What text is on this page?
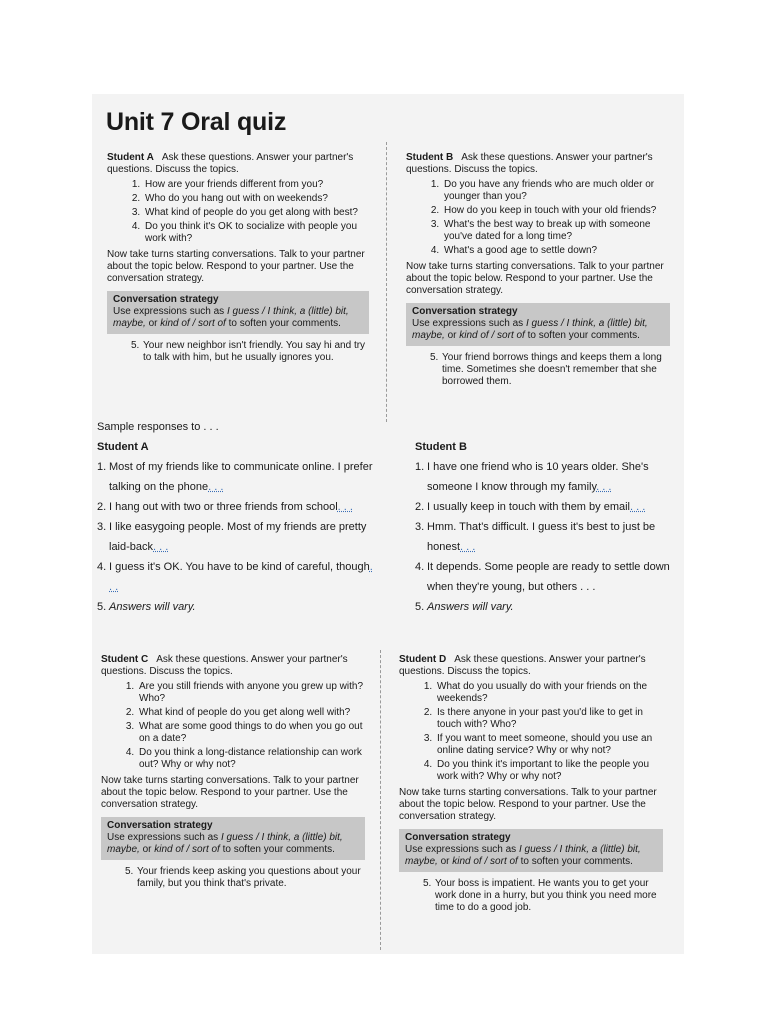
Unit 7 Oral quiz
Student A Ask these questions. Answer your partner's questions. Discuss the topics.
1. How are your friends different from you?
2. Who do you hang out with on weekends?
3. What kind of people do you get along with best?
4. Do you think it's OK to socialize with people you work with?
Now take turns starting conversations. Talk to your partner about the topic below. Respond to your partner. Use the conversation strategy.
Conversation strategy
Use expressions such as I guess / I think, a (little) bit, maybe, or kind of / sort of to soften your comments.
5. Your new neighbor isn't friendly. You say hi and try to talk with him, but he usually ignores you.
Student B Ask these questions. Answer your partner's questions. Discuss the topics.
1. Do you have any friends who are much older or younger than you?
2. How do you keep in touch with your old friends?
3. What's the best way to break up with someone you've dated for a long time?
4. What's a good age to settle down?
Now take turns starting conversations. Talk to your partner about the topic below. Respond to your partner. Use the conversation strategy.
Conversation strategy
Use expressions such as I guess / I think, a (little) bit, maybe, or kind of / sort of to soften your comments.
5. Your friend borrows things and keeps them a long time. Sometimes she doesn't remember that she borrowed them.
Sample responses to . . .
Student A
1. Most of my friends like to communicate online. I prefer talking on the phone. . .
2. I hang out with two or three friends from school. . .
3. I like easygoing people. Most of my friends are pretty laid-back. . .
4. I guess it's OK. You have to be kind of careful, though. . .
5. Answers will vary.
Student B
1. I have one friend who is 10 years older. She's someone I know through my family. . .
2. I usually keep in touch with them by email. . .
3. Hmm. That's difficult. I guess it's best to just be honest. . .
4. It depends. Some people are ready to settle down when they're young, but others . . .
5. Answers will vary.
Student C Ask these questions. Answer your partner's questions. Discuss the topics.
1. Are you still friends with anyone you grew up with? Who?
2. What kind of people do you get along well with?
3. What are some good things to do when you go out on a date?
4. Do you think a long-distance relationship can work out? Why or why not?
Now take turns starting conversations. Talk to your partner about the topic below. Respond to your partner. Use the conversation strategy.
Conversation strategy
Use expressions such as I guess / I think, a (little) bit, maybe, or kind of / sort of to soften your comments.
5. Your friends keep asking you questions about your family, but you think that's private.
Student D Ask these questions. Answer your partner's questions. Discuss the topics.
1. What do you usually do with your friends on the weekends?
2. Is there anyone in your past you'd like to get in touch with? Who?
3. If you want to meet someone, should you use an online dating service? Why or why not?
4. Do you think it's important to like the people you work with? Why or why not?
Now take turns starting conversations. Talk to your partner about the topic below. Respond to your partner. Use the conversation strategy.
Conversation strategy
Use expressions such as I guess / I think, a (little) bit, maybe, or kind of / sort of to soften your comments.
5. Your boss is impatient. He wants you to get your work done in a hurry, but you think you need more time to do a good job.
